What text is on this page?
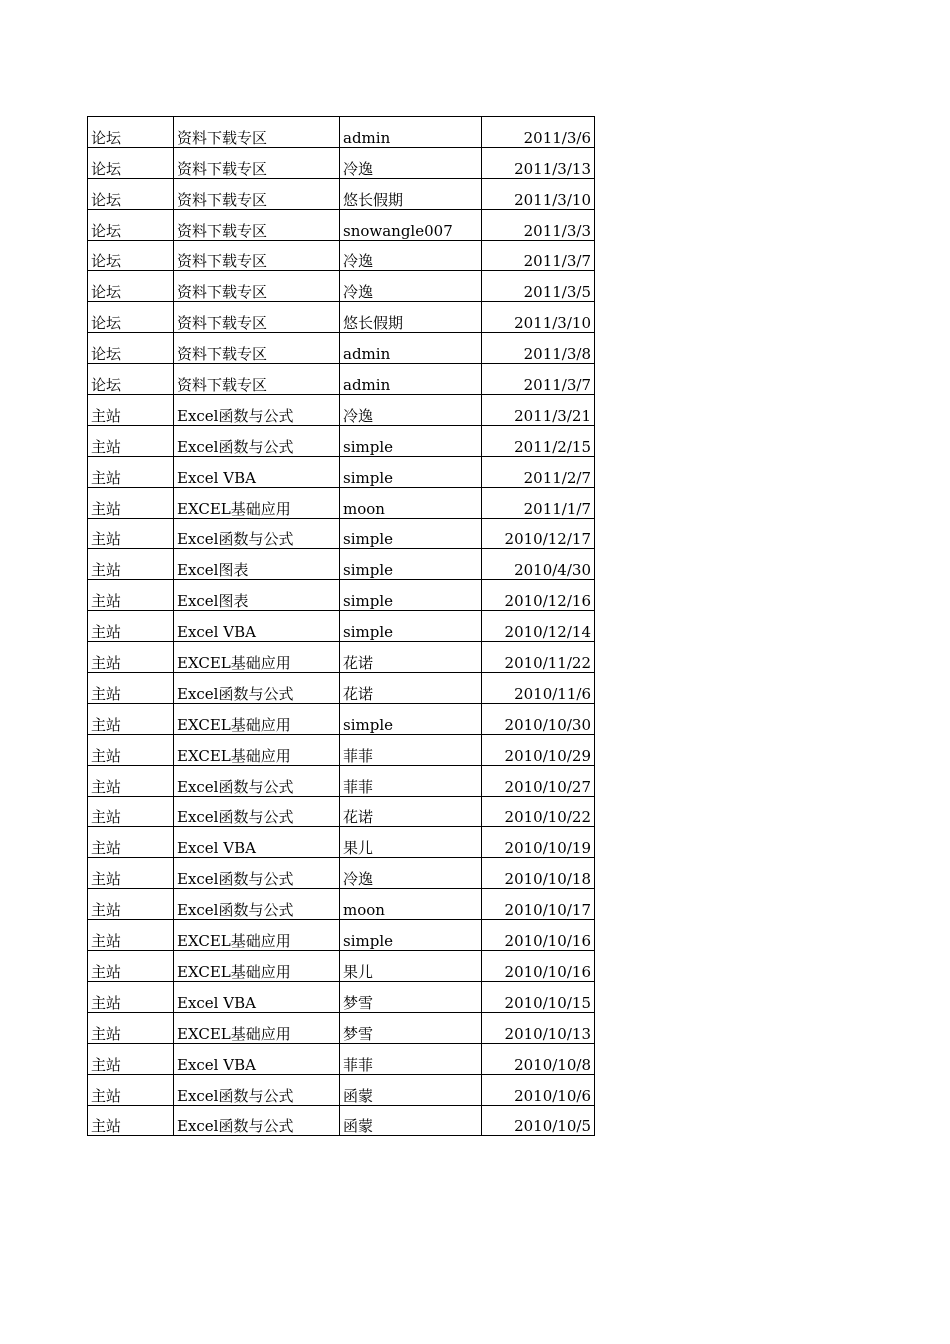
论坛	资料下载专区	admin	2011/3/6
论坛	资料下载专区	冷逸	2011/3/13
论坛	资料下载专区	悠长假期	2011/3/10
论坛	资料下载专区	snowangle007	2011/3/3
论坛	资料下载专区	冷逸	2011/3/7
论坛	资料下载专区	冷逸	2011/3/5
论坛	资料下载专区	悠长假期	2011/3/10
论坛	资料下载专区	admin	2011/3/8
论坛	资料下载专区	admin	2011/3/7
主站	Excel函数与公式	冷逸	2011/3/21
主站	Excel函数与公式	simple	2011/2/15
主站	Excel VBA	simple	2011/2/7
主站	EXCEL基础应用	moon	2011/1/7
主站	Excel函数与公式	simple	2010/12/17
主站	Excel图表	simple	2010/4/30
主站	Excel图表	simple	2010/12/16
主站	Excel VBA	simple	2010/12/14
主站	EXCEL基础应用	花诺	2010/11/22
主站	Excel函数与公式	花诺	2010/11/6
主站	EXCEL基础应用	simple	2010/10/30
主站	EXCEL基础应用	菲菲	2010/10/29
主站	Excel函数与公式	菲菲	2010/10/27
主站	Excel函数与公式	花诺	2010/10/22
主站	Excel VBA	果儿	2010/10/19
主站	Excel函数与公式	冷逸	2010/10/18
主站	Excel函数与公式	moon	2010/10/17
主站	EXCEL基础应用	simple	2010/10/16
主站	EXCEL基础应用	果儿	2010/10/16
主站	Excel VBA	梦雪	2010/10/15
主站	EXCEL基础应用	梦雪	2010/10/13
主站	Excel VBA	菲菲	2010/10/8
主站	Excel函数与公式	函蒙	2010/10/6
主站	Excel函数与公式	函蒙	2010/10/5
